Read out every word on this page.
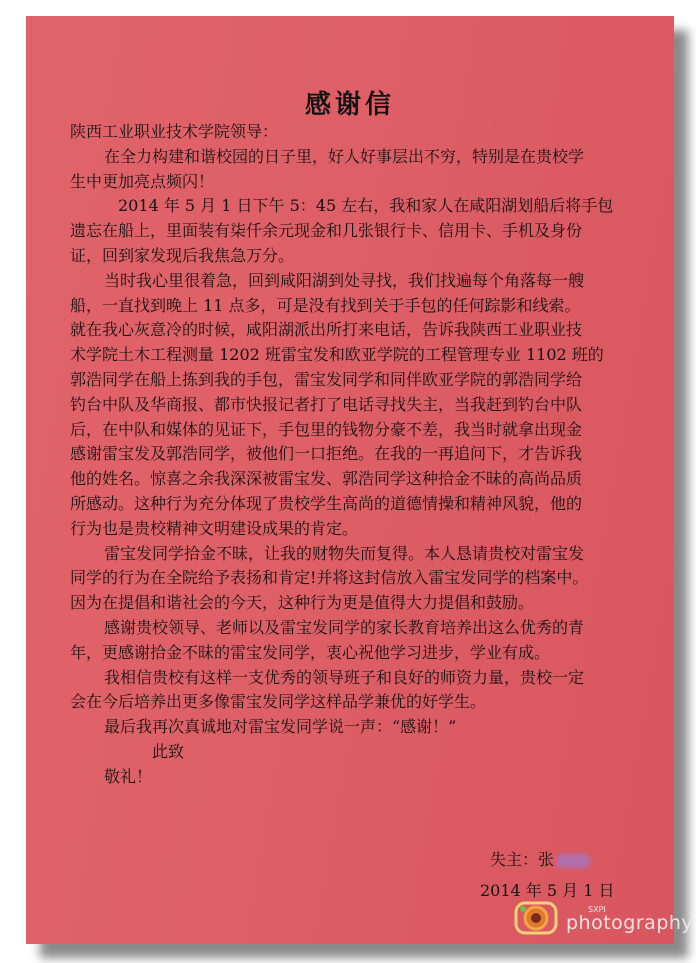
感谢信
陕西工业职业技术学院领导：
在全力构建和谐校园的日子里，好人好事层出不穷，特别是在贵校学
生中更加亮点频闪！
2014 年 5 月 1 日下午 5：45 左右，我和家人在咸阳湖划船后将手包
遗忘在船上，里面装有柒仟余元现金和几张银行卡、信用卡、手机及身份
证，回到家发现后我焦急万分。
当时我心里很着急，回到咸阳湖到处寻找，我们找遍每个角落每一艘
船，一直找到晚上 11 点多，可是没有找到关于手包的任何踪影和线索。
就在我心灰意冷的时候，咸阳湖派出所打来电话，告诉我陕西工业职业技
术学院土木工程测量 1202 班雷宝发和欧亚学院的工程管理专业 1102 班的
郭浩同学在船上拣到我的手包，雷宝发同学和同伴欧亚学院的郭浩同学给
钓台中队及华商报、都市快报记者打了电话寻找失主，当我赶到钓台中队
后，在中队和媒体的见证下，手包里的钱物分豪不差，我当时就拿出现金
感谢雷宝发及郭浩同学，被他们一口拒绝。在我的一再追问下，才告诉我
他的姓名。惊喜之余我深深被雷宝发、郭浩同学这种拾金不昧的高尚品质
所感动。这种行为充分体现了贵校学生高尚的道德情操和精神风貌，他的
行为也是贵校精神文明建设成果的肯定。
雷宝发同学拾金不昧，让我的财物失而复得。本人恳请贵校对雷宝发
同学的行为在全院给予表扬和肯定!并将这封信放入雷宝发同学的档案中。
因为在提倡和谐社会的今天，这种行为更是值得大力提倡和鼓励。
感谢贵校领导、老师以及雷宝发同学的家长教育培养出这么优秀的青
年，更感谢拾金不昧的雷宝发同学，衷心祝他学习进步，学业有成。
我相信贵校有这样一支优秀的领导班子和良好的师资力量，贵校一定
会在今后培养出更多像雷宝发同学这样品学兼优的好学生。
最后我再次真诚地对雷宝发同学说一声：“感谢！”
此致
敬礼！
失主：张
2014 年 5 月 1 日
SXPI
photography
